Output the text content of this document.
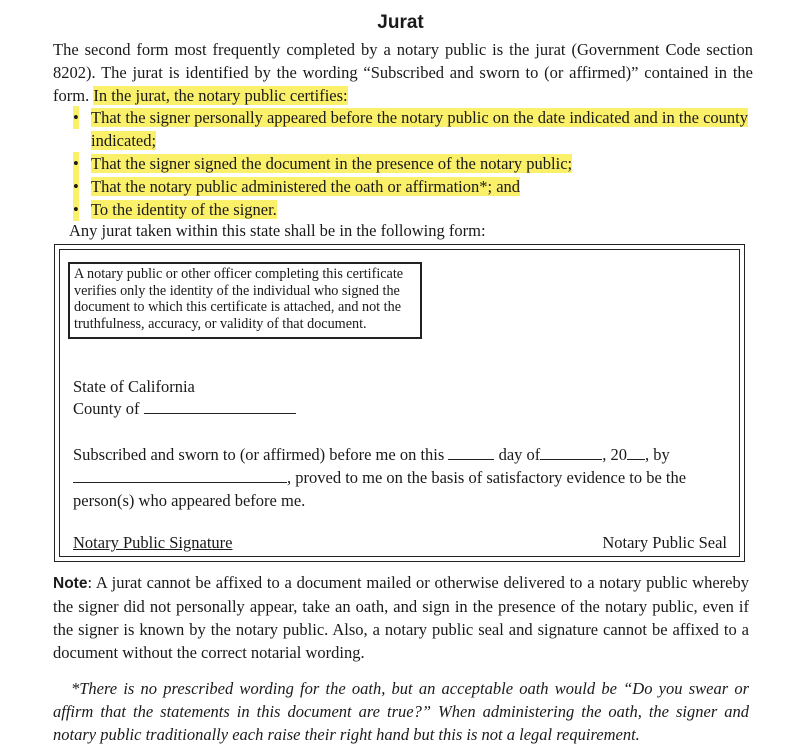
Jurat
The second form most frequently completed by a notary public is the jurat (Government Code section 8202). The jurat is identified by the wording “Subscribed and sworn to (or affirmed)” contained in the form. In the jurat, the notary public certifies:
• That the signer personally appeared before the notary public on the date indicated and in the county indicated;
• That the signer signed the document in the presence of the notary public;
• That the notary public administered the oath or affirmation*; and
• To the identity of the signer.
Any jurat taken within this state shall be in the following form:
A notary public or other officer completing this certificate verifies only the identity of the individual who signed the document to which this certificate is attached, and not the truthfulness, accuracy, or validity of that document.
State of California
County of
Subscribed and sworn to (or affirmed) before me on this	day of	, 20 , by
, proved to me on the basis of satisfactory evidence to be the
person(s) who appeared before me.
Notary Public Signature	Notary Public Seal
Note: A jurat cannot be affixed to a document mailed or otherwise delivered to a notary public whereby the signer did not personally appear, take an oath, and sign in the presence of the notary public, even if the signer is known by the notary public. Also, a notary public seal and signature cannot be affixed to a document without the correct notarial wording.
*There is no prescribed wording for the oath, but an acceptable oath would be “Do you swear or affirm that the statements in this document are true?” When administering the oath, the signer and notary public traditionally each raise their right hand but this is not a legal requirement.
